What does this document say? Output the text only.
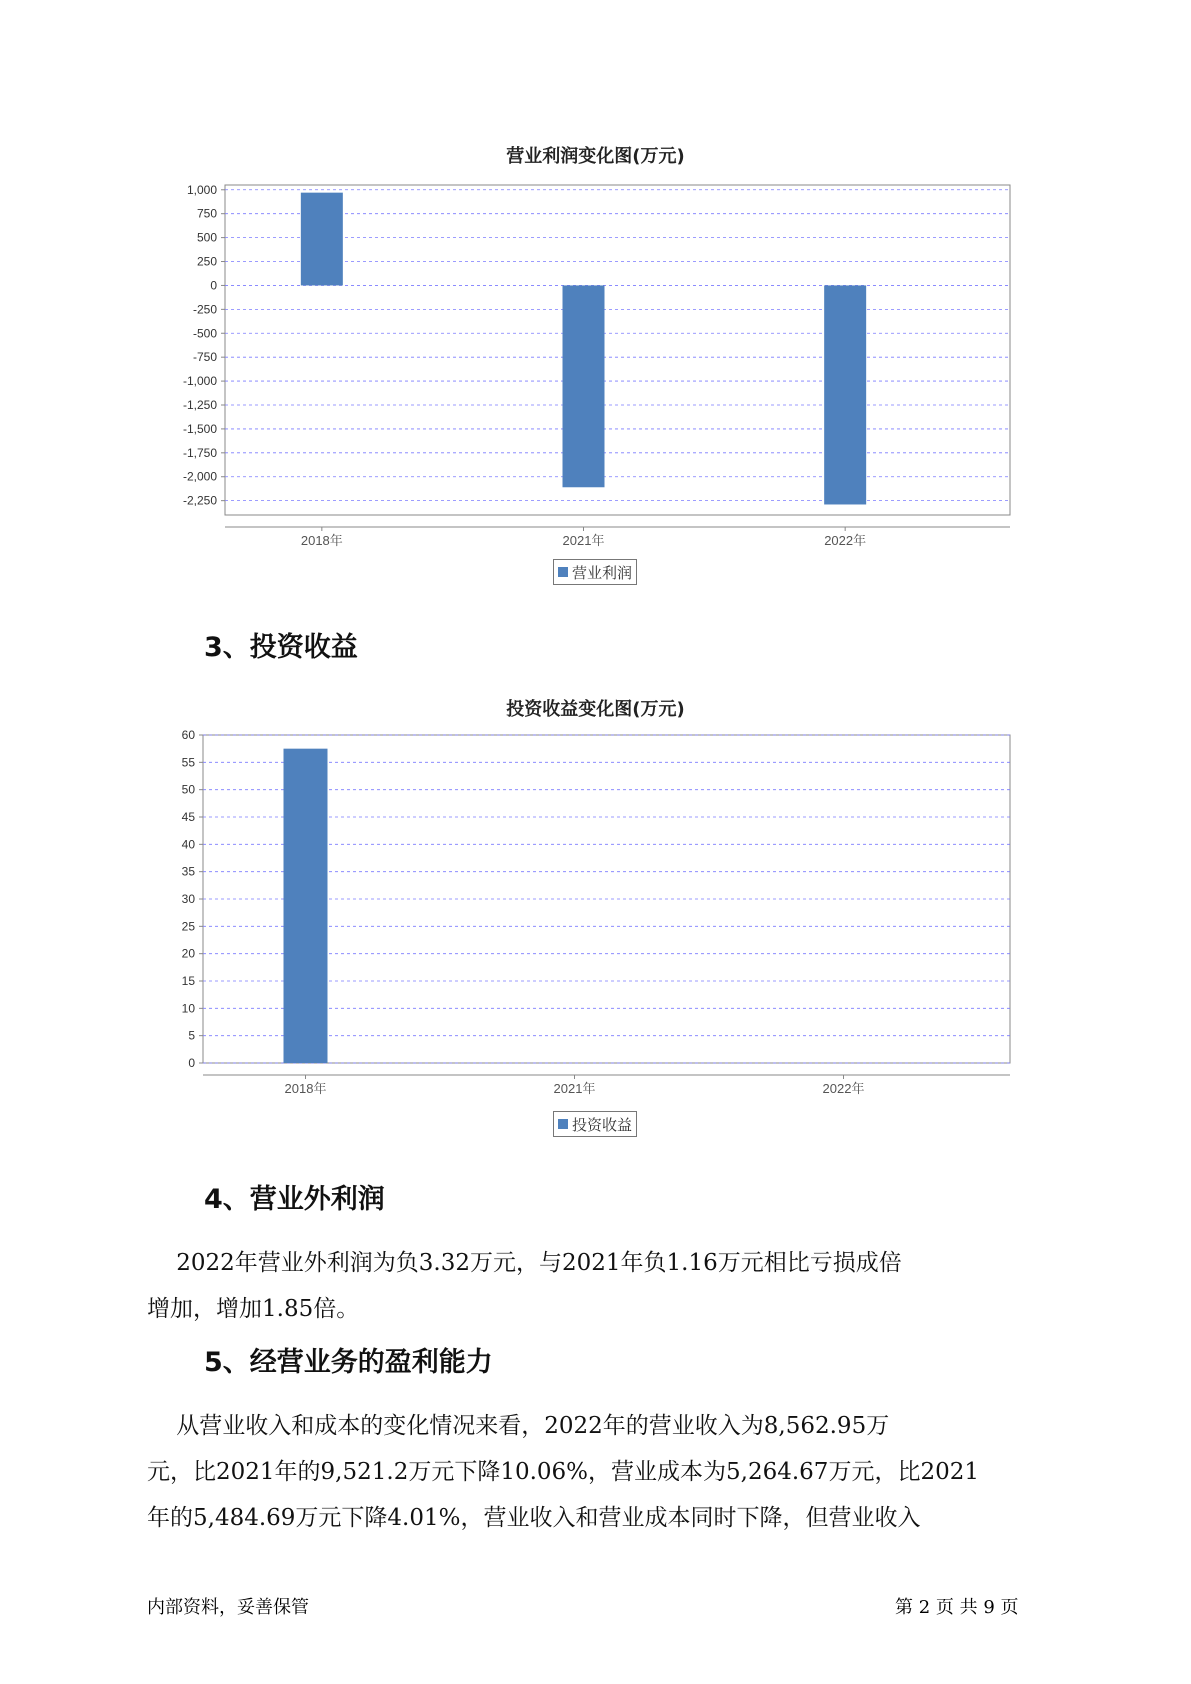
营业利润变化图(万元)
1,000
750
500
250
0
-250
-500
-750
-1,000
-1,250
-1,500
-1,750
-2,000
-2,250
2018年	2021年	2022年
营业利润
3、投资收益
投资收益变化图(万元)
60
55
50
45
40
35
30
25
20
15
10
5
0
2018年	2021年	2022年
投资收益
4、营业外利润
2022年营业外利润为负3.32万元，与2021年负1.16万元相比亏损成倍
增加，增加1.85倍。
5、经营业务的盈利能力
从营业收入和成本的变化情况来看，2022年的营业收入为8,562.95万
元，比2021年的9,521.2万元下降10.06%，营业成本为5,264.67万元，比2021
年的5,484.69万元下降4.01%，营业收入和营业成本同时下降，但营业收入
内部资料，妥善保管	第 2 页 共 9 页
